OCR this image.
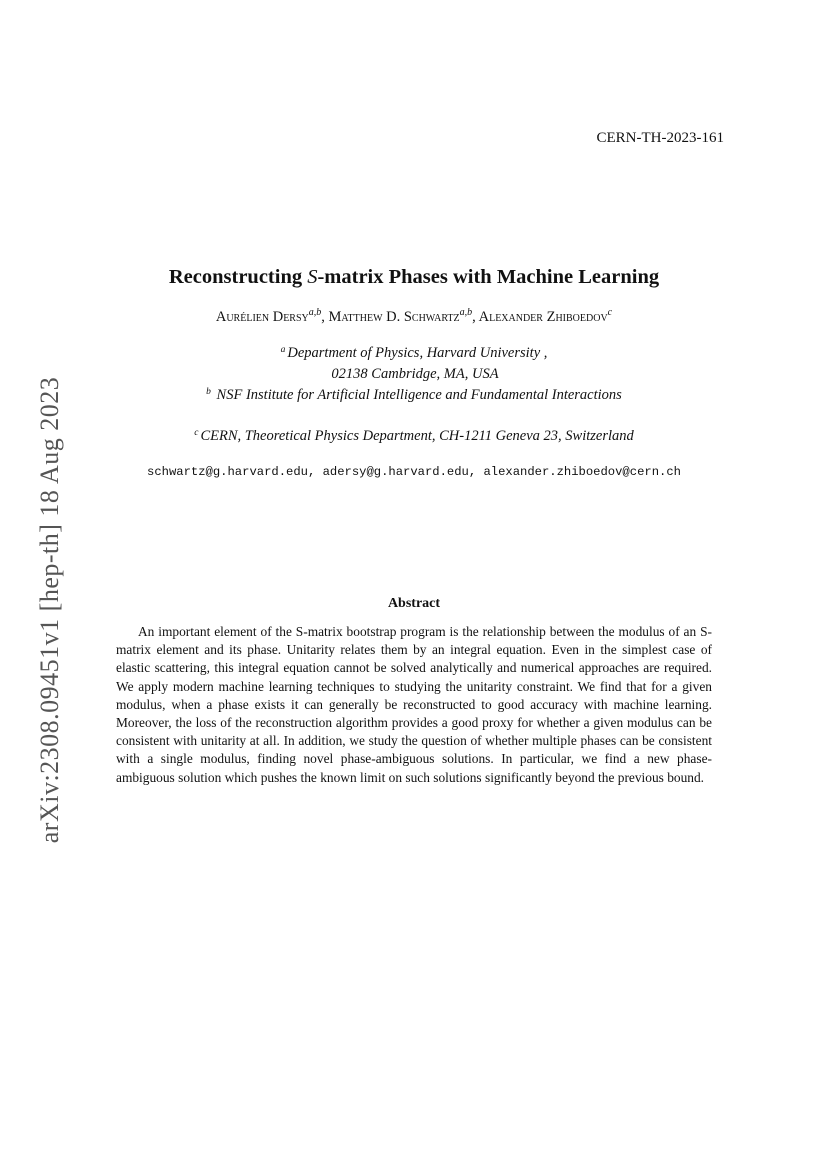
arXiv:2308.09451v1 [hep-th] 18 Aug 2023
CERN-TH-2023-161
Reconstructing S-matrix Phases with Machine Learning
Aurélien Dersy$^{a,b}$, Matthew D. Schwartz$^{a,b}$, Alexander Zhiboedov$^c$
$^a$ Department of Physics, Harvard University ,
02138 Cambridge, MA, USA
$^b$ NSF Institute for Artificial Intelligence and Fundamental Interactions
$^c$ CERN, Theoretical Physics Department, CH-1211 Geneva 23, Switzerland
schwartz@g.harvard.edu, adersy@g.harvard.edu, alexander.zhiboedov@cern.ch
Abstract
An important element of the S-matrix bootstrap program is the relationship between the modulus of an S-matrix element and its phase. Unitarity relates them by an integral equation. Even in the simplest case of elastic scattering, this integral equation cannot be solved analytically and numerical approaches are required. We apply modern machine learning techniques to studying the unitarity constraint. We find that for a given modulus, when a phase exists it can generally be reconstructed to good accuracy with machine learning. Moreover, the loss of the reconstruction algorithm provides a good proxy for whether a given modulus can be consistent with unitarity at all. In addition, we study the question of whether multiple phases can be consistent with a single modulus, finding novel phase-ambiguous solutions. In particular, we find a new phase-ambiguous solution which pushes the known limit on such solutions significantly beyond the previous bound.
